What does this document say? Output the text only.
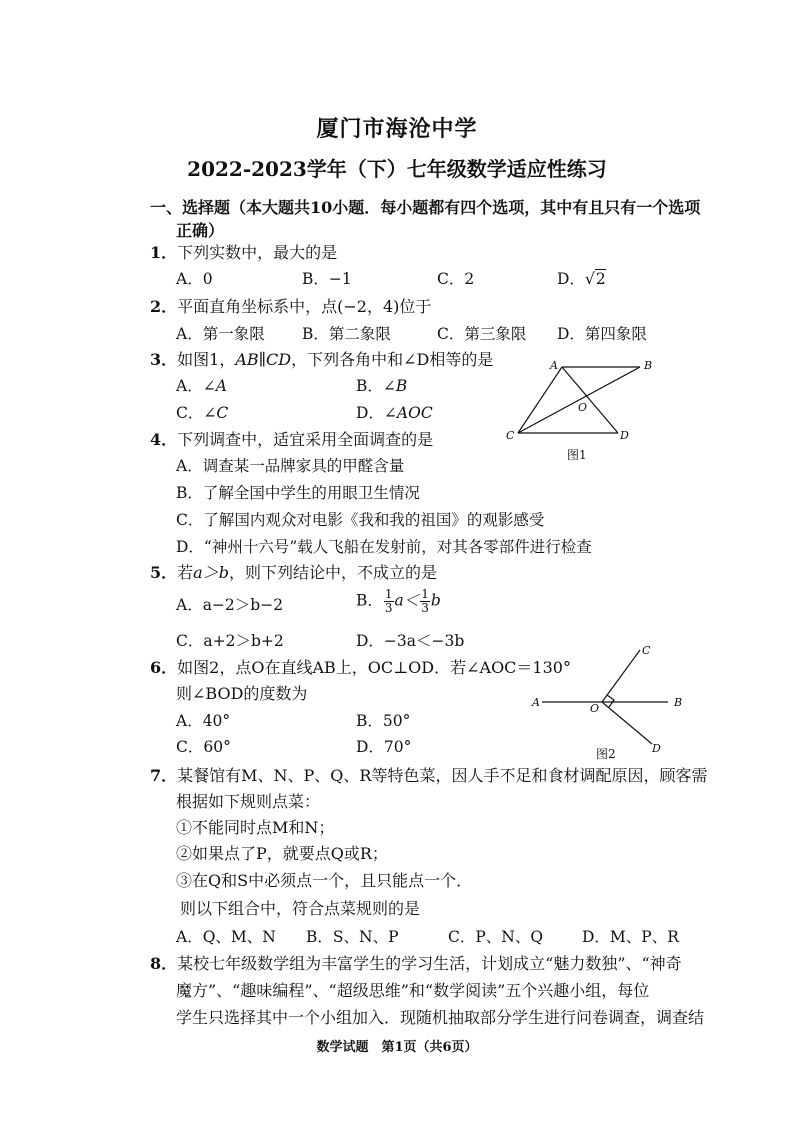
厦门市海沧中学
2022-2023学年（下）七年级数学适应性练习
一、选择题（本大题共10小题．每小题都有四个选项，其中有且只有一个选项
正确）
1．下列实数中，最大的是
A．0	B．−1	C．2	D．√2
2．平面直角坐标系中，点(−2，4)位于
A．第一象限 B．第二象限	C．第三象限 D．第四象限
3．如图1，AB∥CD，下列各角中和∠D相等的是
A．∠A	B．∠B
C．∠C	D．∠AOC
A	B
C	D
O
图1
4．下列调查中，适宜采用全面调查的是
A．调查某一品牌家具的甲醛含量
B．了解全国中学生的用眼卫生情况
C．了解国内观众对电影《我和我的祖国》的观影感受
D．“神州十六号”载人飞船在发射前，对其各零部件进行检查
5．若a＞b，则下列结论中，不成立的是
A．a−2＞b−2	B． $\frac{1}{3} a< \frac{1}{3}$ b
C．a+2＞b+2	D．−3a＜−3b
6．如图2，点O在直线AB上，OC⊥OD．若∠AOC＝130°
则∠BOD的度数为
A．40°	B．50°
C．60°	D．70°
A	B
C
D
O
图2
7．某餐馆有M、N、P、Q、R等特色菜，因人手不足和食材调配原因，顾客需
根据如下规则点菜：
①不能同时点M和N；
②如果点了P，就要点Q或R；
③在Q和S中必须点一个，且只能点一个．
则以下组合中，符合点菜规则的是
A．Q、M、N B．S、N、P	C．P、N、Q	D．M、P、R
8．某校七年级数学组为丰富学生的学习生活，计划成立“魅力数独”、“神奇
魔方”、“趣味编程”、“超级思维”和“数学阅读”五个兴趣小组，每位
学生只选择其中一个小组加入．现随机抽取部分学生进行问卷调查，调查结
数学试题　第1页（共6页）
